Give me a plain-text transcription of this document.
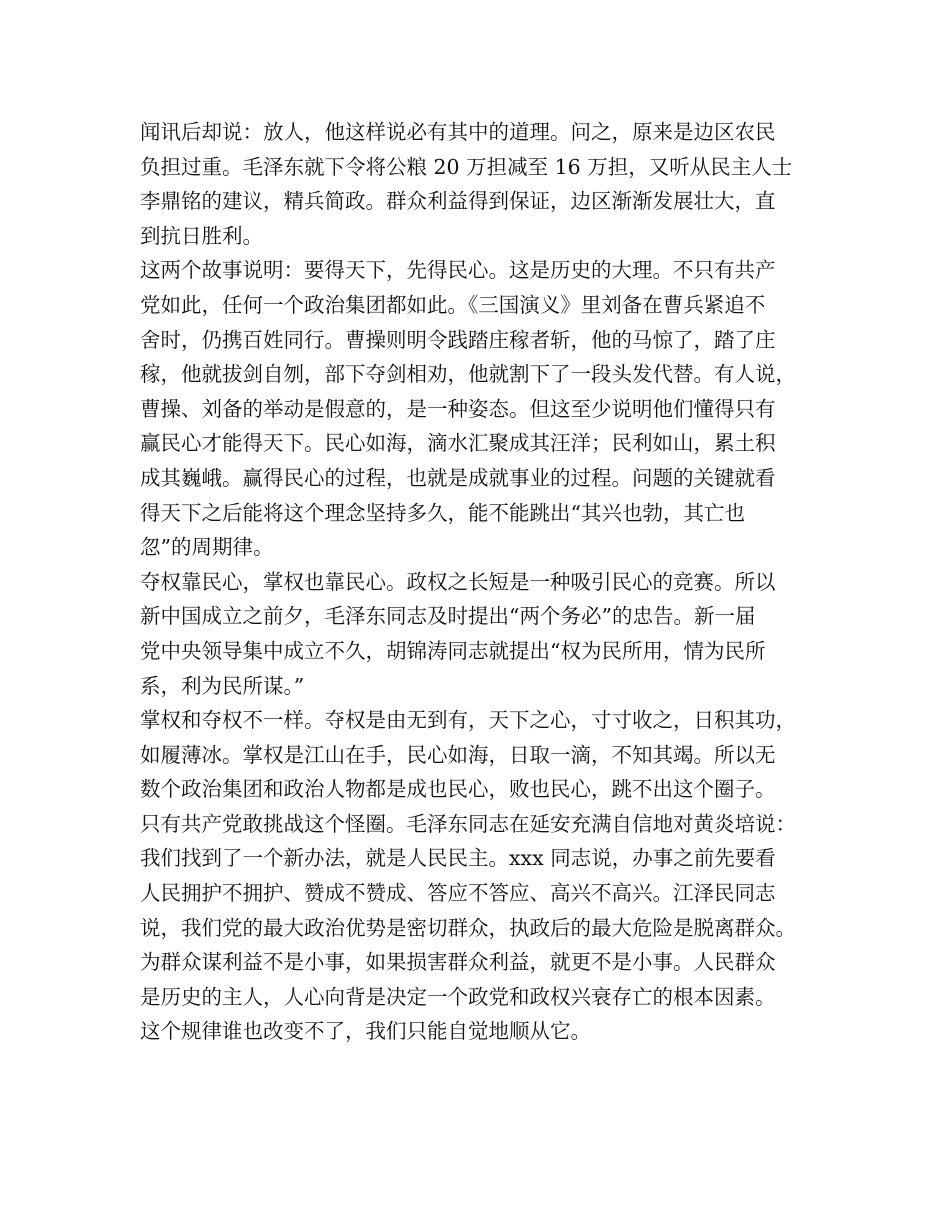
闻讯后却说：放人，他这样说必有其中的道理。问之，原来是边区农民
负担过重。毛泽东就下令将公粮 20 万担减至 16 万担，又听从民主人士
李鼎铭的建议，精兵简政。群众利益得到保证，边区渐渐发展壮大，直
到抗日胜利。
这两个故事说明：要得天下，先得民心。这是历史的大理。不只有共产
党如此，任何一个政治集团都如此。《三国演义》里刘备在曹兵紧追不
舍时，仍携百姓同行。曹操则明令践踏庄稼者斩，他的马惊了，踏了庄
稼，他就拔剑自刎，部下夺剑相劝，他就割下了一段头发代替。有人说，
曹操、刘备的举动是假意的，是一种姿态。但这至少说明他们懂得只有
赢民心才能得天下。民心如海，滴水汇聚成其汪洋；民利如山，累土积
成其巍峨。赢得民心的过程，也就是成就事业的过程。问题的关键就看
得天下之后能将这个理念坚持多久，能不能跳出“其兴也勃，其亡也
忽”的周期律。
夺权靠民心，掌权也靠民心。政权之长短是一种吸引民心的竞赛。所以
新中国成立之前夕，毛泽东同志及时提出“两个务必”的忠告。新一届
党中央领导集中成立不久，胡锦涛同志就提出“权为民所用，情为民所
系，利为民所谋。”
掌权和夺权不一样。夺权是由无到有，天下之心，寸寸收之，日积其功，
如履薄冰。掌权是江山在手，民心如海，日取一滴，不知其竭。所以无
数个政治集团和政治人物都是成也民心，败也民心，跳不出这个圈子。
只有共产党敢挑战这个怪圈。毛泽东同志在延安充满自信地对黄炎培说：
我们找到了一个新办法，就是人民民主。xxx 同志说，办事之前先要看
人民拥护不拥护、赞成不赞成、答应不答应、高兴不高兴。江泽民同志
说，我们党的最大政治优势是密切群众，执政后的最大危险是脱离群众。
为群众谋利益不是小事，如果损害群众利益，就更不是小事。人民群众
是历史的主人，人心向背是决定一个政党和政权兴衰存亡的根本因素。
这个规律谁也改变不了，我们只能自觉地顺从它。
